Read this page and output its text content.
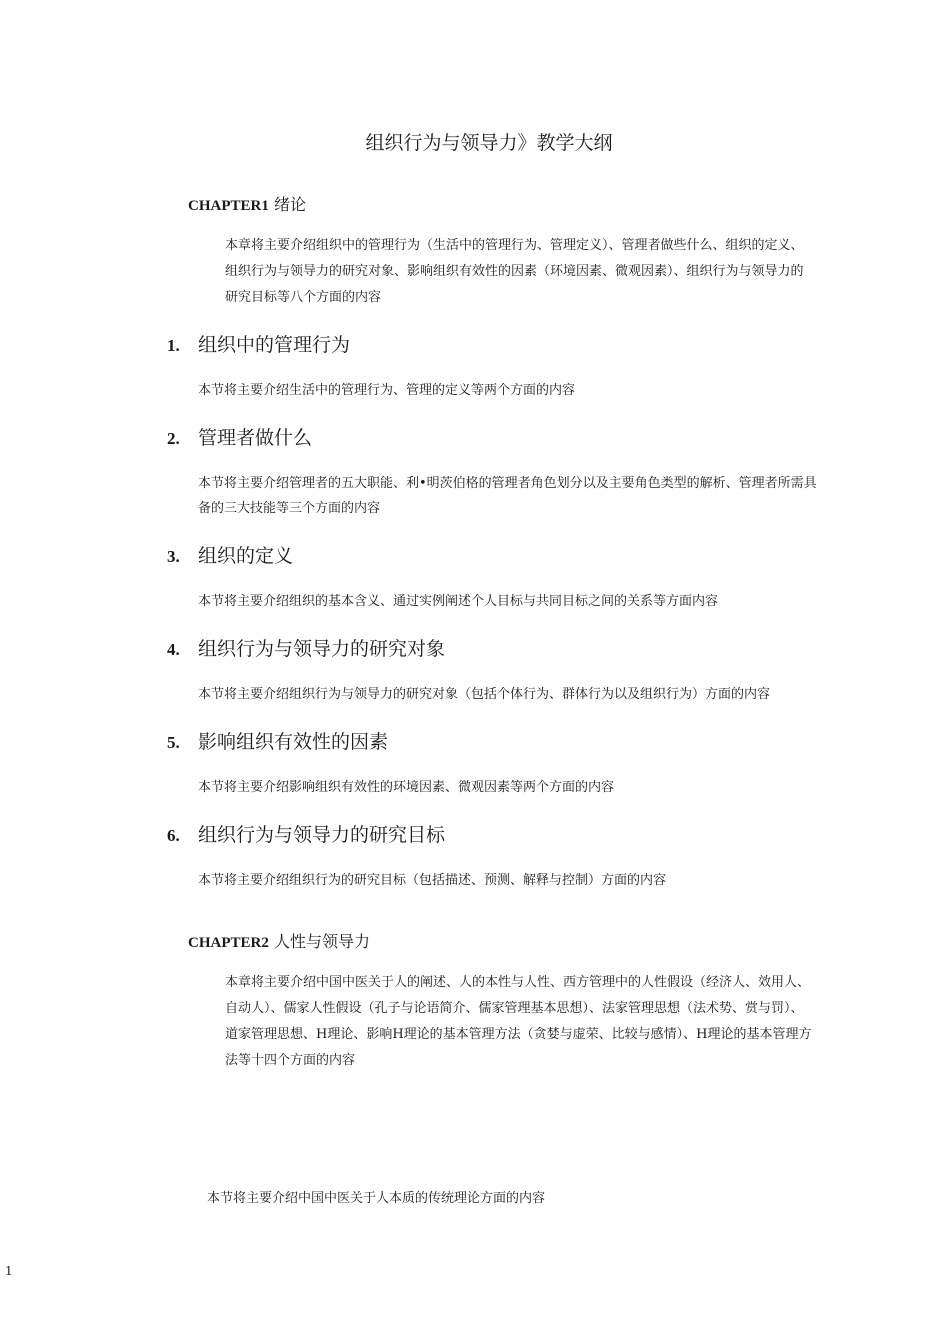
组织行为与领导力》教学大纲
CHAPTER1 绪论

本章将主要介绍组织中的管理行为（生活中的管理行为、管理定义）、管理者做些什么、组织的定义、组织行为与领导力的研究对象、影响组织有效性的因素（环境因素、微观因素）、组织行为与领导力的研究目标等八个方面的内容

1. 组织中的管理行为

本节将主要介绍生活中的管理行为、管理的定义等两个方面的内容

2. 管理者做什么

本节将主要介绍管理者的五大职能、利•明茨伯格的管理者角色划分以及主要角色类型的解析、管理者所需具备的三大技能等三个方面的内容

3. 组织的定义

本节将主要介绍组织的基本含义、通过实例阐述个人目标与共同目标之间的关系等方面内容

4. 组织行为与领导力的研究对象

本节将主要介绍组织行为与领导力的研究对象（包括个体行为、群体行为以及组织行为）方面的内容

5. 影响组织有效性的因素

本节将主要介绍影响组织有效性的环境因素、微观因素等两个方面的内容

6. 组织行为与领导力的研究目标

本节将主要介绍组织行为的研究目标（包括描述、预测、解释与控制）方面的内容

CHAPTER2 人性与领导力

本章将主要介绍中国中医关于人的阐述、人的本性与人性、西方管理中的人性假设（经济人、效用人、自动人）、儒家人性假设（孔子与论语简介、儒家管理基本思想）、法家管理思想（法术势、赏与罚）、道家管理思想、H理论、影响H理论的基本管理方法（贪婪与虚荣、比较与感情）、H理论的基本管理方法等十四个方面的内容

本节将主要介绍中国中医关于人本质的传统理论方面的内容

1
